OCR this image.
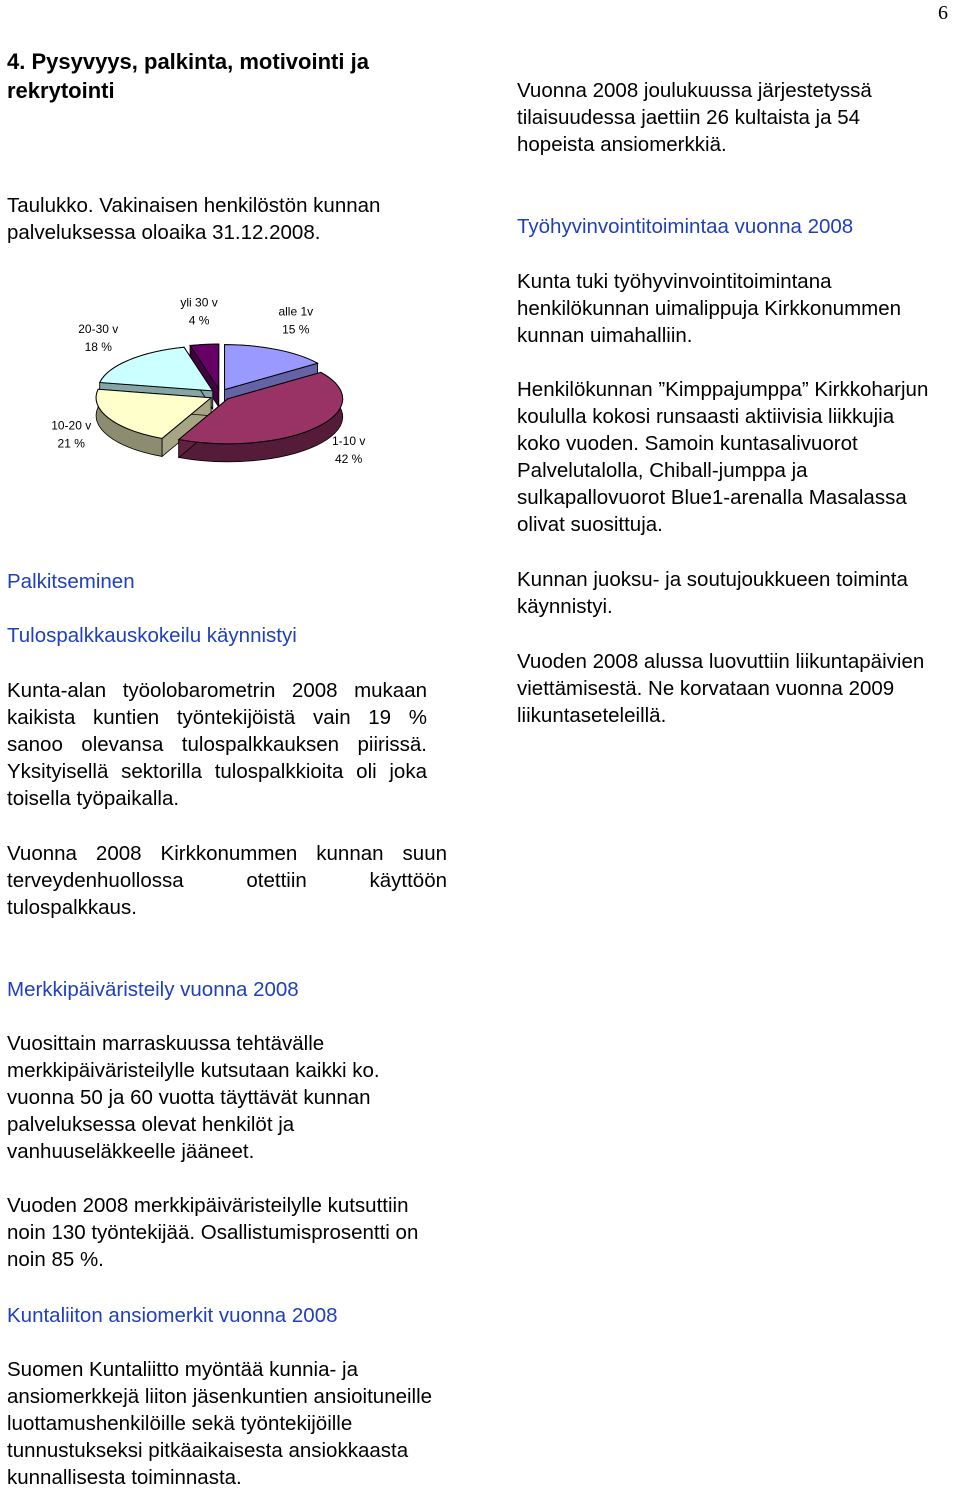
6
4. Pysyvyys, palkinta, motivointi ja rekrytointi
Taulukko. Vakinaisen henkilöstön kunnan palveluksessa oloaika 31.12.2008.
alle 1v
15 %
1-10 v
42 %
10-20 v
21 %
20-30 v
18 %
yli 30 v
4 %
Palkitseminen
Tulospalkkauskokeilu käynnistyi
Kunta-alan työolobarometrin 2008 mukaan kaikista kuntien työntekijöistä vain 19 % sanoo olevansa tulospalkkauksen piirissä. Yksityisellä sektorilla tulospalkkioita oli joka toisella työpaikalla.
Vuonna 2008 Kirkkonummen kunnan suun terveydenhuollossa otettiin käyttöön tulospalkkaus.
Merkkipäiväristeily vuonna 2008
Vuosittain marraskuussa tehtävälle merkkipäiväristeilylle kutsutaan kaikki ko. vuonna 50 ja 60 vuotta täyttävät kunnan palveluksessa olevat henkilöt ja vanhuuseläkkeelle jääneet.
Vuoden 2008 merkkipäiväristeilylle kutsuttiin noin 130 työntekijää. Osallistumisprosentti on noin 85 %.
Kuntaliiton ansiomerkit vuonna 2008
Suomen Kuntaliitto myöntää kunnia- ja ansiomerkkejä liiton jäsenkuntien ansioituneille luottamushenkilöille sekä työntekijöille tunnustukseksi pitkäaikaisesta ansiokkaasta kunnallisesta toiminnasta.
Vuonna 2008 joulukuussa järjestetyssä tilaisuudessa jaettiin 26 kultaista ja 54 hopeista ansiomerkkiä.
Työhyvinvointitoimintaa vuonna 2008
Kunta tuki työhyvinvointitoimintana henkilökunnan uimalippuja Kirkkonummen kunnan uimahalliin.
Henkilökunnan ”Kimppajumppa” Kirkkoharjun koululla kokosi runsaasti aktiivisia liikkujia koko vuoden. Samoin kuntasalivuorot Palvelutalolla, Chiball-jumppa ja sulkapallovuorot Blue1-arenalla Masalassa olivat suosittuja.
Kunnan juoksu- ja soutujoukkueen toiminta käynnistyi.
Vuoden 2008 alussa luovuttiin liikuntapäivien viettämisestä. Ne korvataan vuonna 2009 liikuntaseteleillä.
